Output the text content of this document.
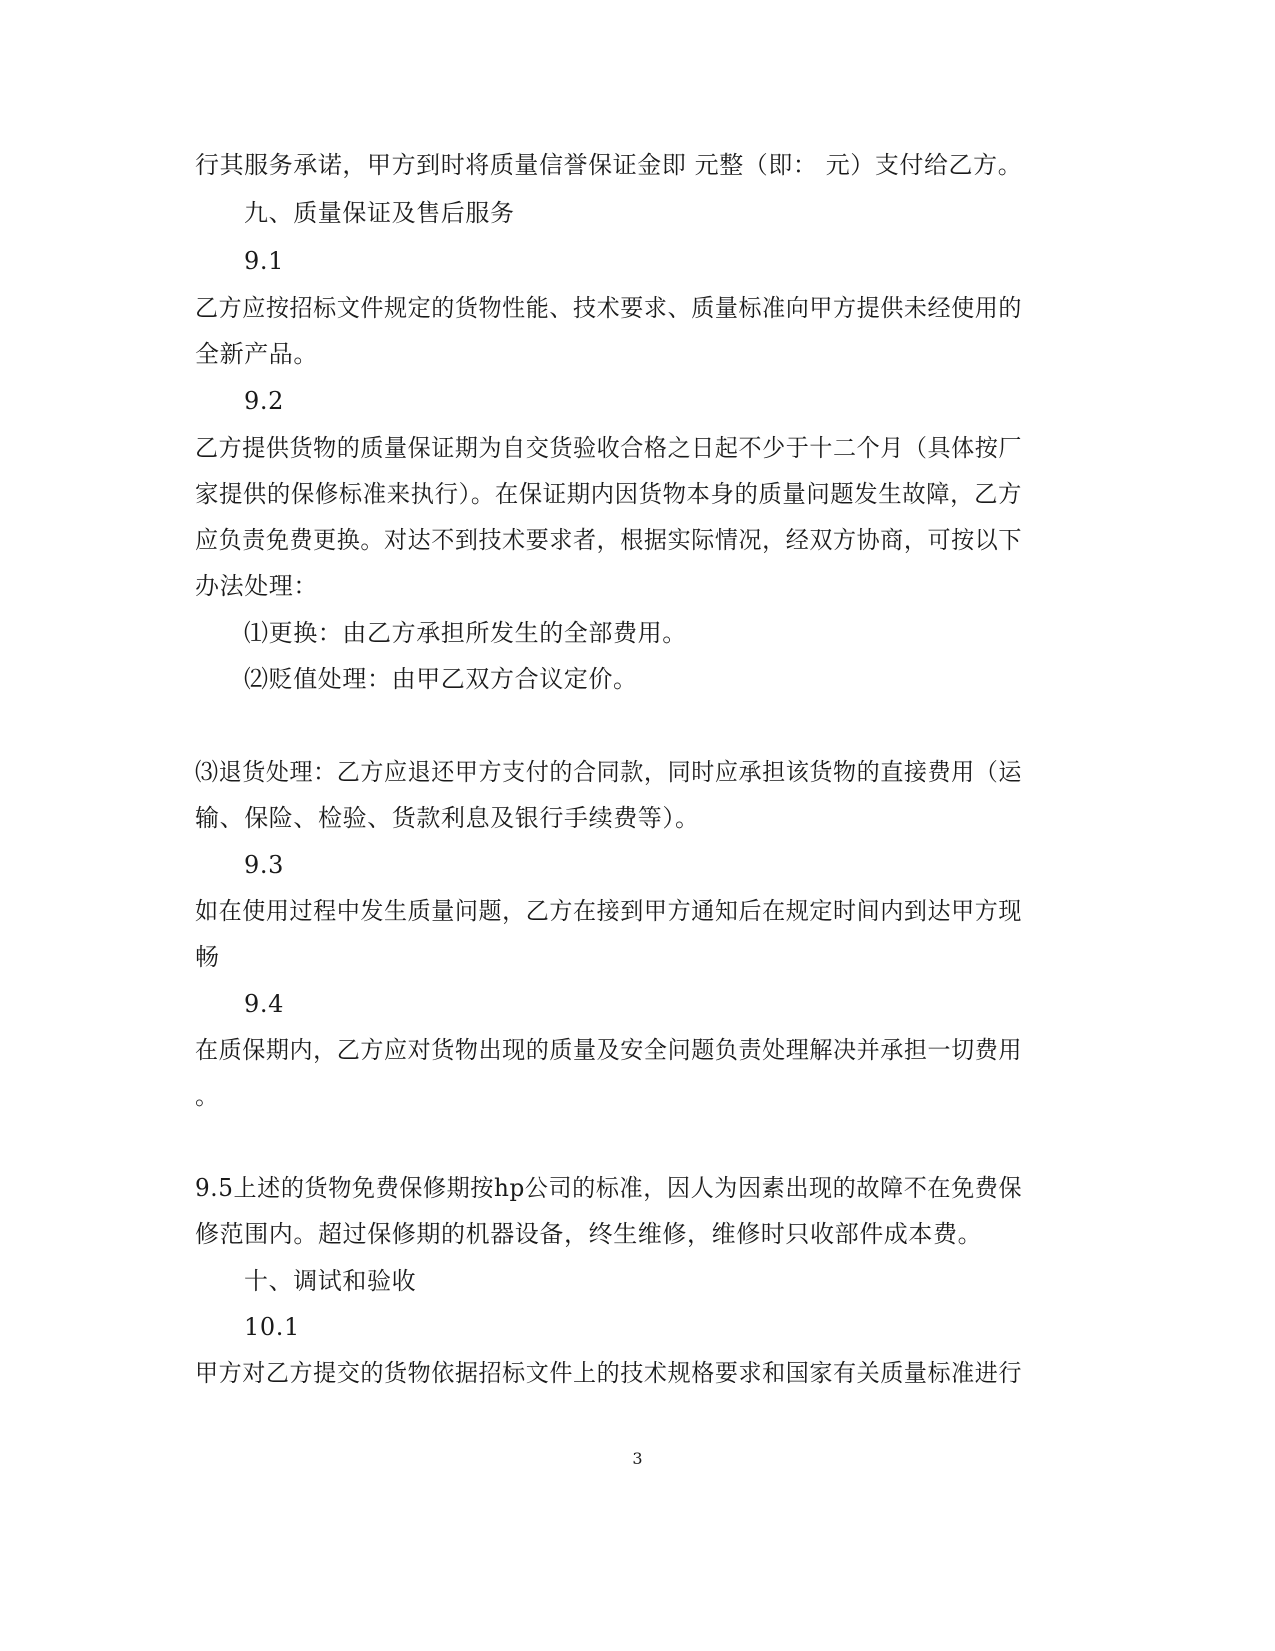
行其服务承诺，甲方到时将质量信誉保证金即 元整（即： 元）支付给乙方。
九、质量保证及售后服务
9.1
乙方应按招标文件规定的货物性能、技术要求、质量标准向甲方提供未经使用的
全新产品。
9.2
乙方提供货物的质量保证期为自交货验收合格之日起不少于十二个月（具体按厂
家提供的保修标准来执行）。在保证期内因货物本身的质量问题发生故障，乙方
应负责免费更换。对达不到技术要求者，根据实际情况，经双方协商，可按以下
办法处理：
⑴更换：由乙方承担所发生的全部费用。
⑵贬值处理：由甲乙双方合议定价。
⑶退货处理：乙方应退还甲方支付的合同款，同时应承担该货物的直接费用（运
输、保险、检验、货款利息及银行手续费等）。
9.3
如在使用过程中发生质量问题，乙方在接到甲方通知后在规定时间内到达甲方现
畅
9.4
在质保期内，乙方应对货物出现的质量及安全问题负责处理解决并承担一切费用
。
9.5上述的货物免费保修期按hp公司的标准，因人为因素出现的故障不在免费保
修范围内。超过保修期的机器设备，终生维修，维修时只收部件成本费。
十、调试和验收
10.1
甲方对乙方提交的货物依据招标文件上的技术规格要求和国家有关质量标准进行
3
